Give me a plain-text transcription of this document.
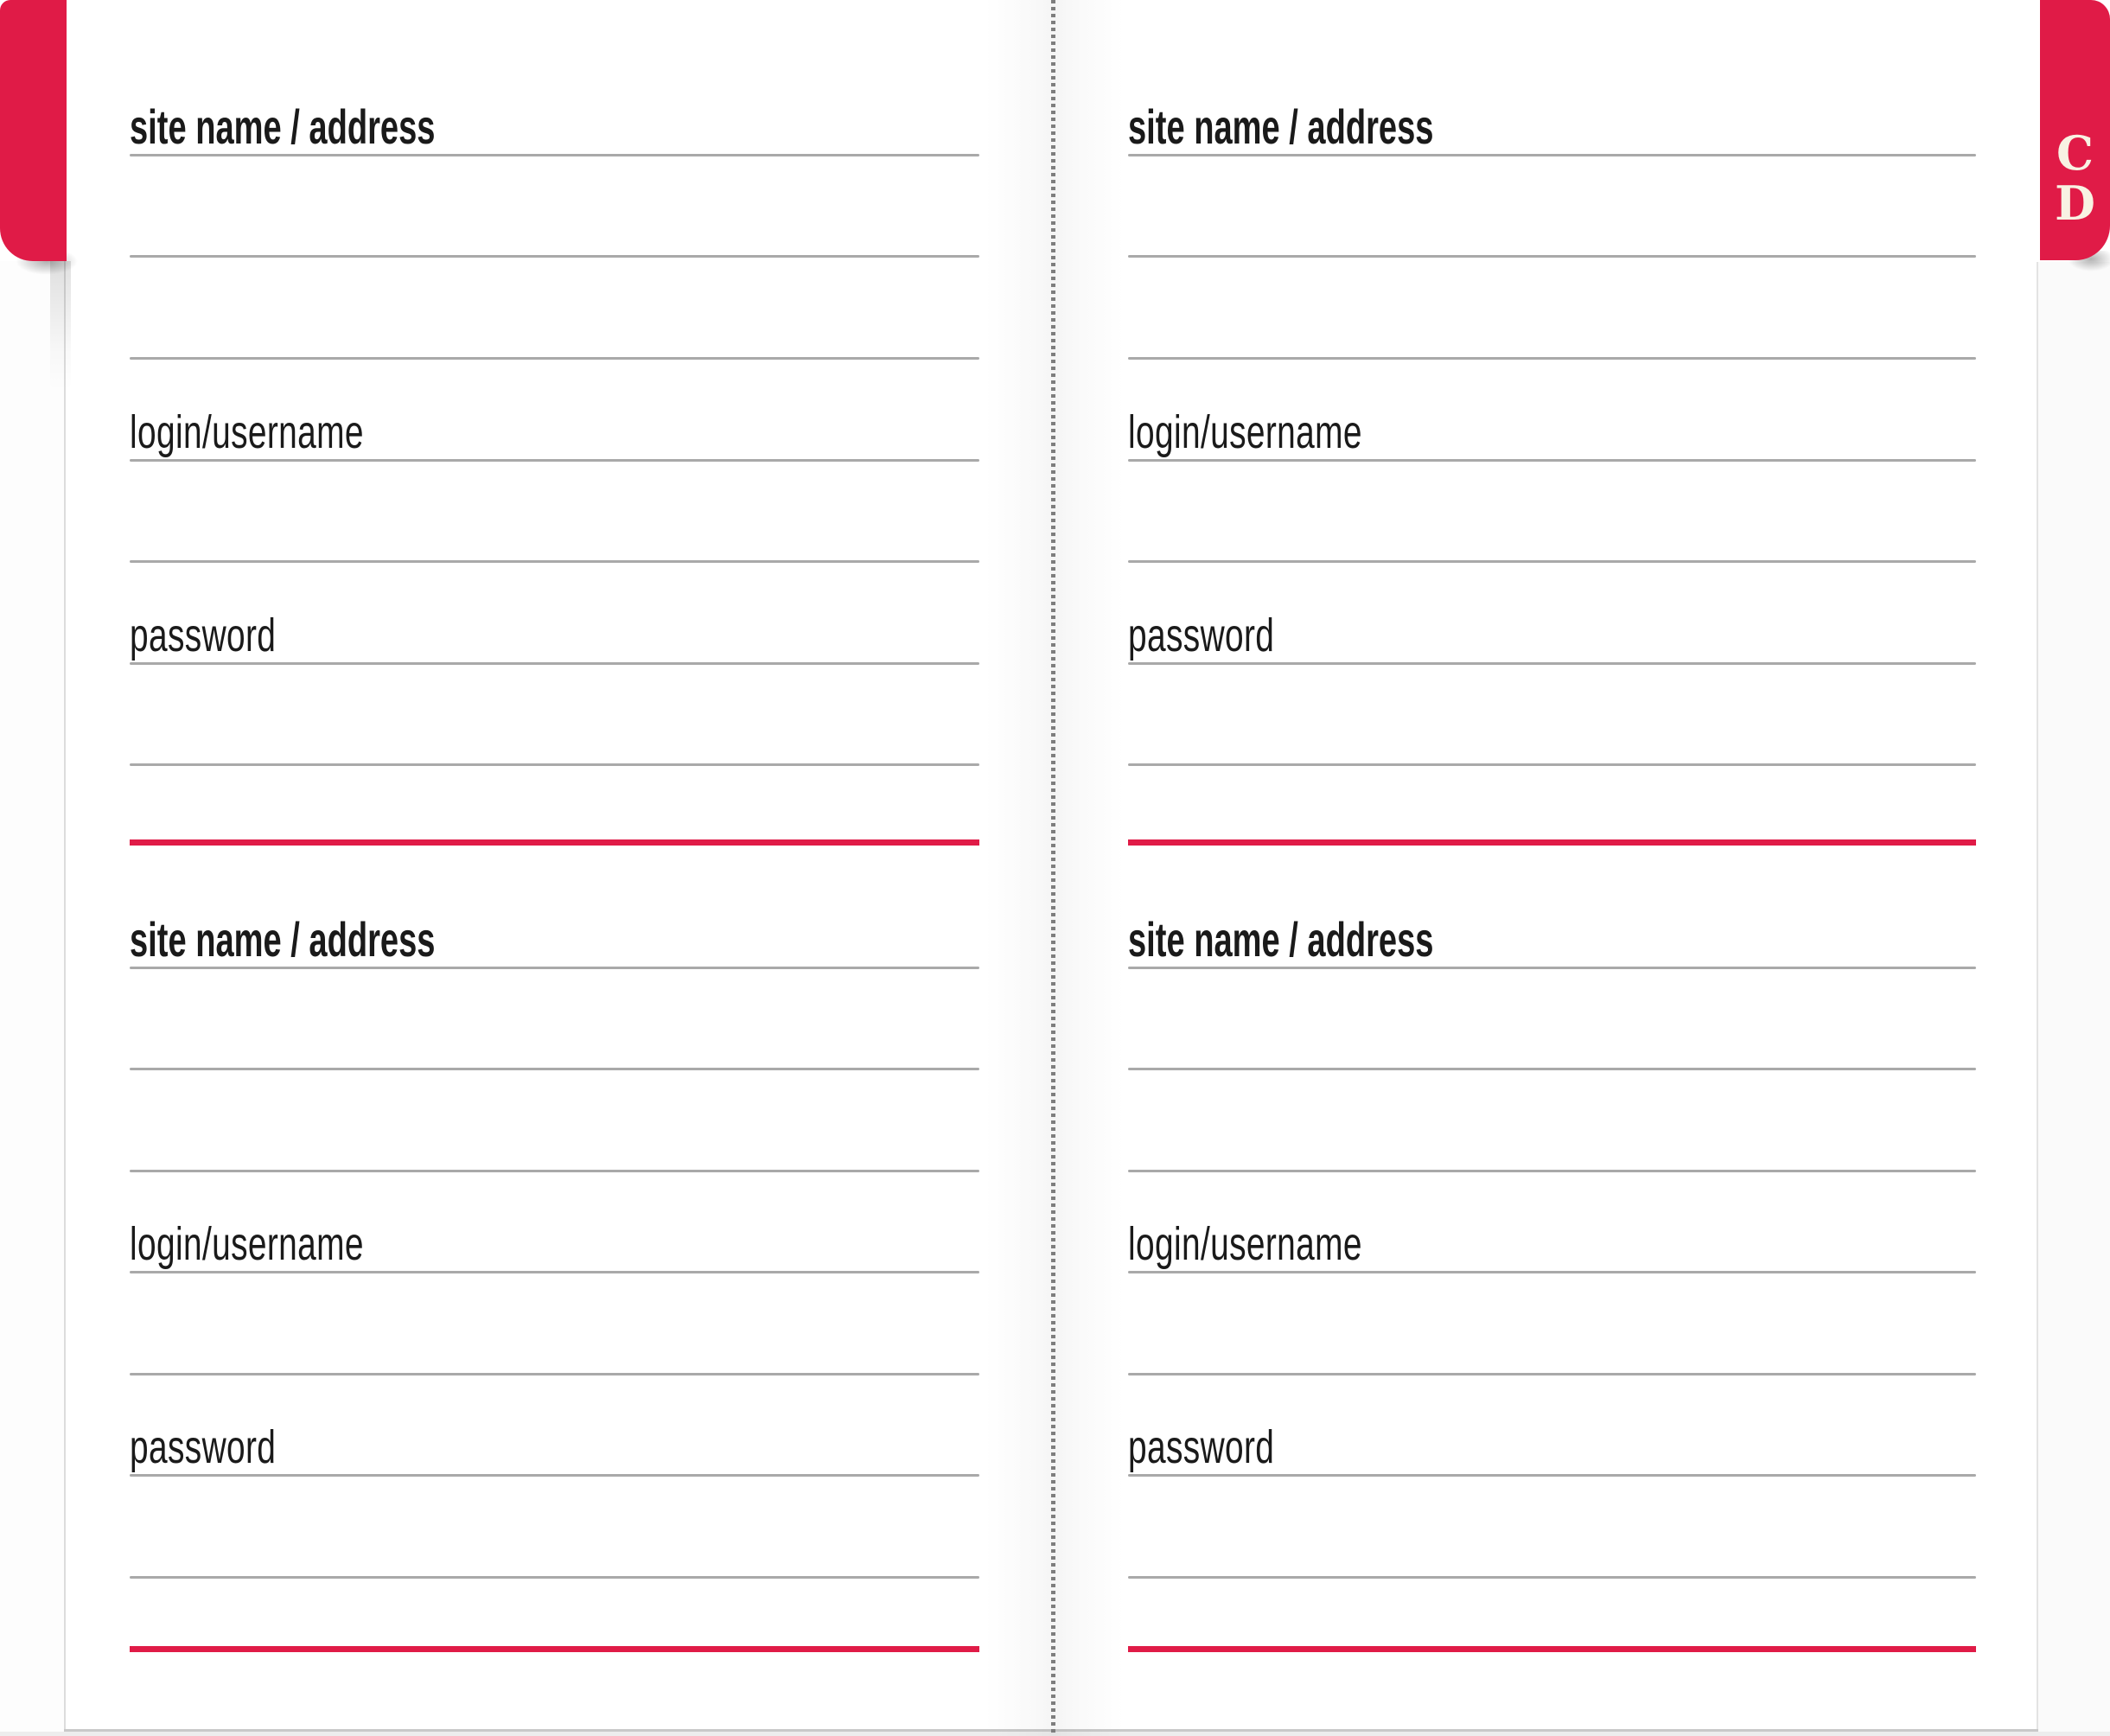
C
D
site name / address
login/username
password
site name / address
login/username
password
site name / address
login/username
password
site name / address
login/username
password
